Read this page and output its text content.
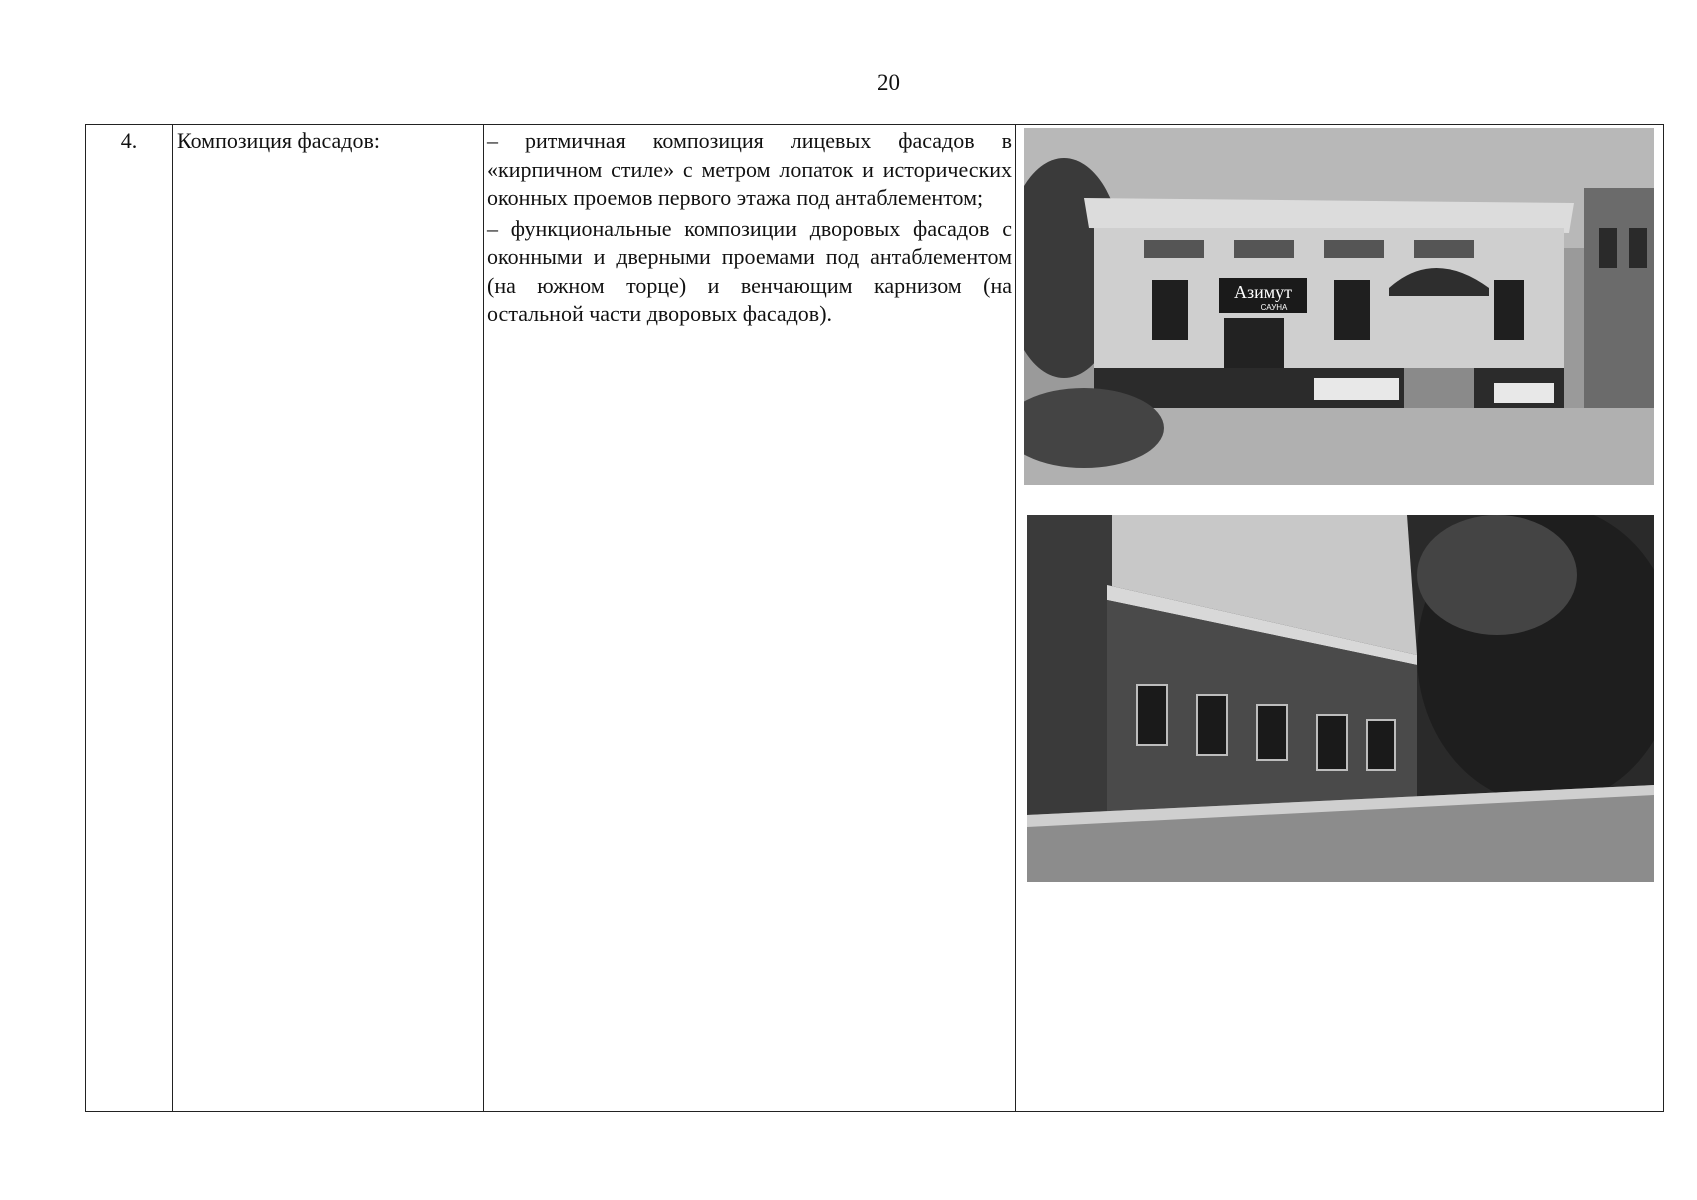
20
4.	Композиция фасадов:	– ритмичная композиция лицевых фасадов в «кирпичном стиле» с метром лопаток и исторических оконных проемов первого этажа под антаблементом;
– функциональные композиции дворовых фасадов с оконными и дверными проемами под антаблементом (на южном торце) и венчающим карнизом (на остальной части дворовых фасадов).

Азимут
САУНА
